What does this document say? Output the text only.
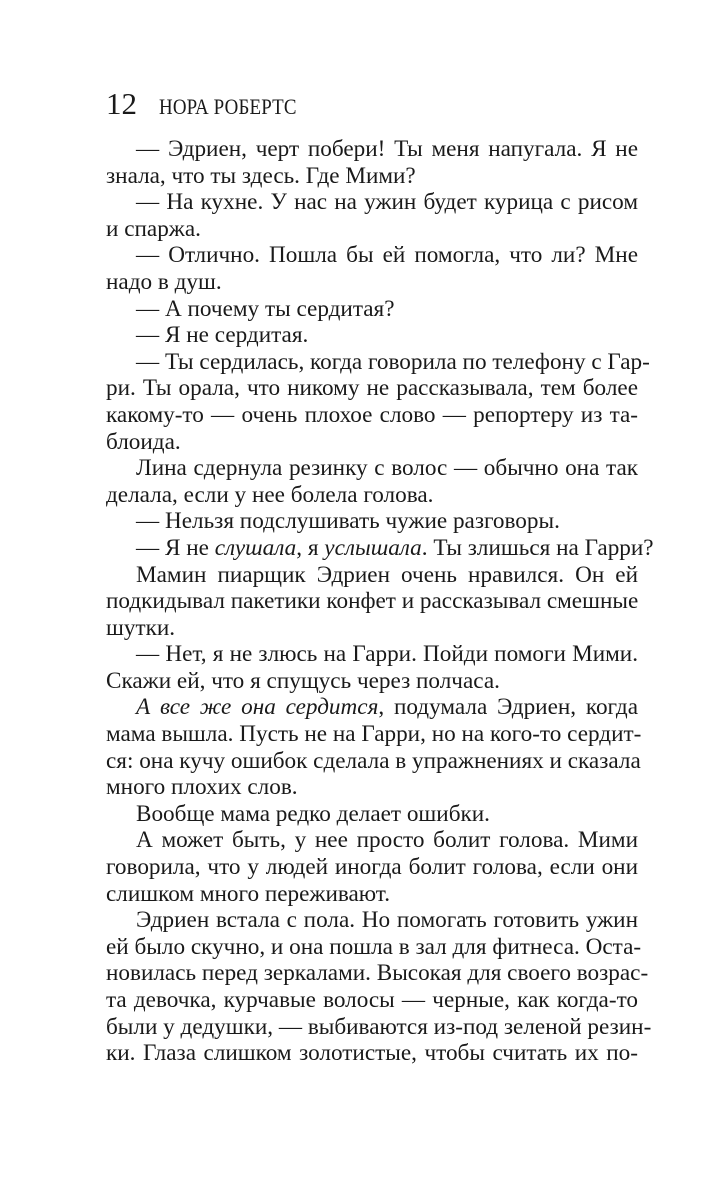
12 НОРА РОБЕРТС
— Эдриен, черт побери! Ты меня напугала. Я не
знала, что ты здесь. Где Мими?
— На кухне. У нас на ужин будет курица с рисом
и спаржа.
— Отлично. Пошла бы ей помогла, что ли? Мне
надо в душ.
— А почему ты сердитая?
— Я не сердитая.
— Ты сердилась, когда говорила по телефону с Гар-
ри. Ты орала, что никому не рассказывала, тем более
какому-то — очень плохое слово — репортеру из та-
блоида.
Лина сдернула резинку с волос — обычно она так
делала, если у нее болела голова.
— Нельзя подслушивать чужие разговоры.
— Я не слушала, я услышала. Ты злишься на Гарри?
Мамин пиарщик Эдриен очень нравился. Он ей
подкидывал пакетики конфет и рассказывал смешные
шутки.
— Нет, я не злюсь на Гарри. Пойди помоги Мими.
Скажи ей, что я спущусь через полчаса.
А все же она сердится, подумала Эдриен, когда
мама вышла. Пусть не на Гарри, но на кого-то сердит-
ся: она кучу ошибок сделала в упражнениях и сказала
много плохих слов.
Вообще мама редко делает ошибки.
А может быть, у нее просто болит голова. Мими
говорила, что у людей иногда болит голова, если они
слишком много переживают.
Эдриен встала с пола. Но помогать готовить ужин
ей было скучно, и она пошла в зал для фитнеса. Оста-
новилась перед зеркалами. Высокая для своего возрас-
та девочка, курчавые волосы — черные, как когда-то
были у дедушки, — выбиваются из-под зеленой резин-
ки. Глаза слишком золотистые, чтобы считать их по-
